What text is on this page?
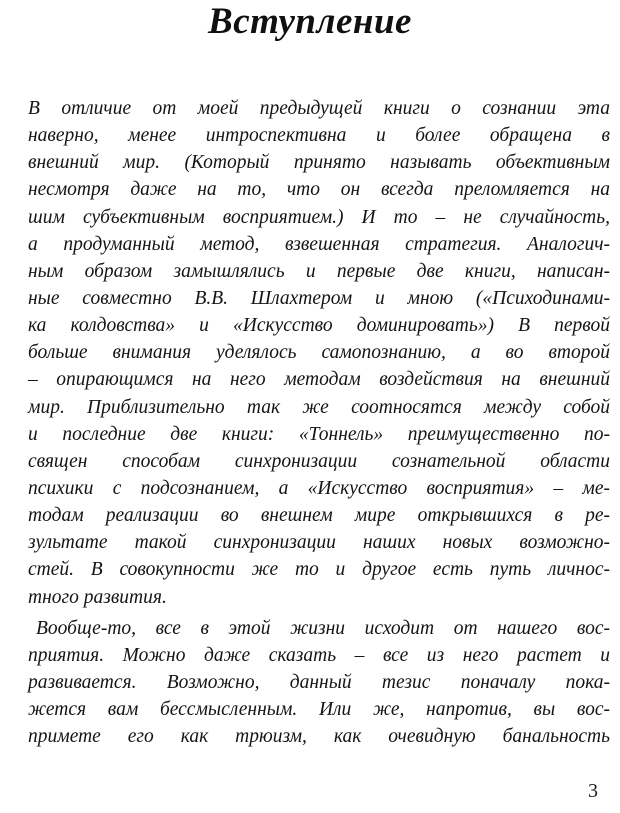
Вступление
В отличие от моей предыдущей книги о сознании эта
наверно, менее интроспективна и более обращена в
внешний мир. (Который принято называть объективным
несмотря даже на то, что он всегда преломляется на
шим субъективным восприятием.) И то – не случайность,
а продуманный метод, взвешенная стратегия. Аналогич-
ным образом замышлялись и первые две книги, написан-
ные совместно В.В. Шлахтером и мною («Психодинами-
ка колдовства» и «Искусство доминировать») В первой
больше внимания уделялось самопознанию, а во второй
– опирающимся на него методам воздействия на внешний
мир. Приблизительно так же соотносятся между собой
и последние две книги: «Тоннель» преимущественно по-
священ способам синхронизации сознательной области
психики с подсознанием, а «Искусство восприятия» – ме-
тодам реализации во внешнем мире открывшихся в ре-
зультате такой синхронизации наших новых возможно-
стей. В совокупности же то и другое есть путь личнос-
тного развития.
Вообще-то, все в этой жизни исходит от нашего вос-
приятия. Можно даже сказать – все из него растет и
развивается. Возможно, данный тезис поначалу пока-
жется вам бессмысленным. Или же, напротив, вы вос-
примете его как трюизм, как очевидную банальность
3
